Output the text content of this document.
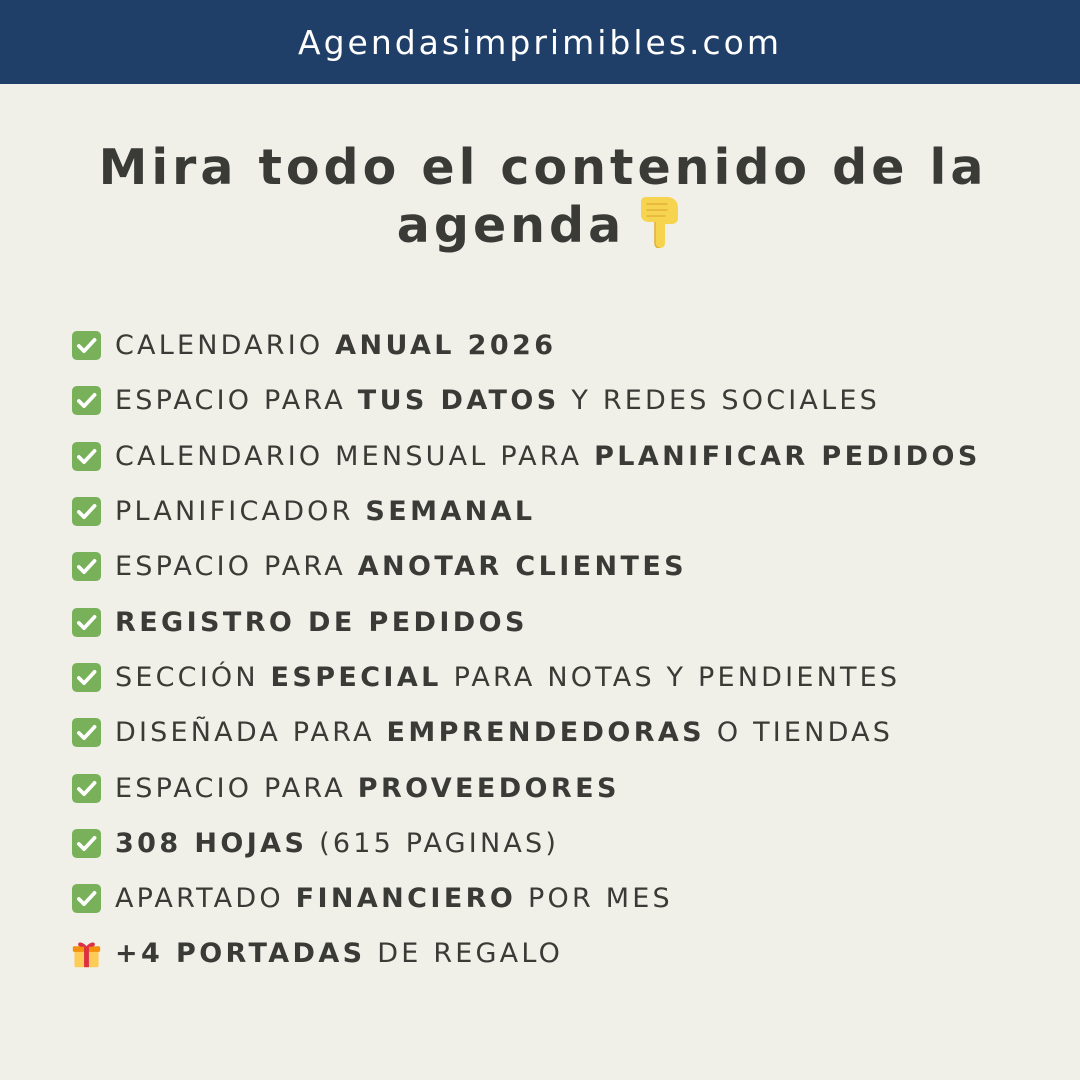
Agendasimprimibles.com
Mira todo el contenido de la
agenda
CALENDARIO ANUAL 2026
ESPACIO PARA TUS DATOS Y REDES SOCIALES
CALENDARIO MENSUAL PARA PLANIFICAR PEDIDOS
PLANIFICADOR SEMANAL
ESPACIO PARA ANOTAR CLIENTES
REGISTRO DE PEDIDOS
SECCIÓN ESPECIAL PARA NOTAS Y PENDIENTES
DISEÑADA PARA EMPRENDEDORAS O TIENDAS
ESPACIO PARA PROVEEDORES
308 HOJAS (615 PAGINAS)
APARTADO FINANCIERO POR MES
+4 PORTADAS DE REGALO
